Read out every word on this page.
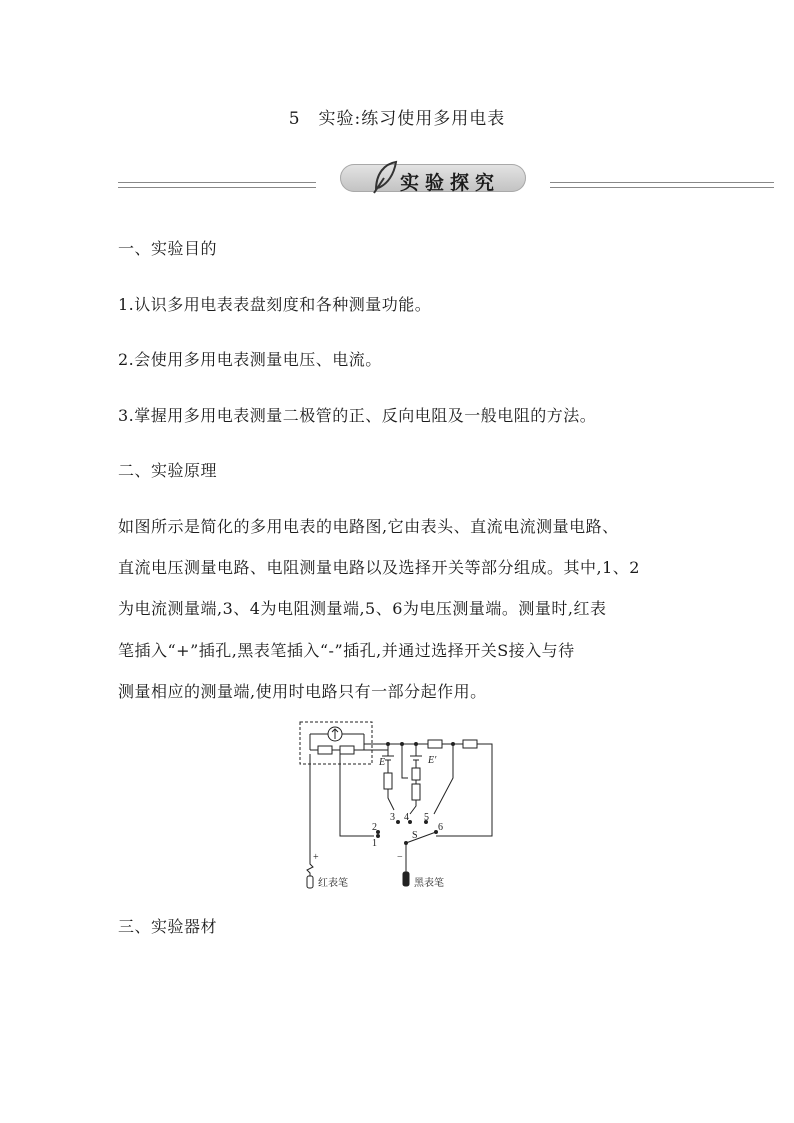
5　实验:练习使用多用电表
实验探究
一、实验目的
1.认识多用电表表盘刻度和各种测量功能。
2.会使用多用电表测量电压、电流。
3.掌握用多用电表测量二极管的正、反向电阻及一般电阻的方法。
二、实验原理
如图所示是简化的多用电表的电路图,它由表头、直流电流测量电路、
直流电压测量电路、电阻测量电路以及选择开关等部分组成。其中,1、2
为电流测量端,3、4为电阻测量端,5、6为电压测量端。测量时,红表
笔插入“+”插孔,黑表笔插入“-”插孔,并通过选择开关S接入与待
测量相应的测量端,使用时电路只有一部分起作用。
E	E′
1
2
3 4 5
6
S
+	−
红表笔	黑表笔
三、实验器材
